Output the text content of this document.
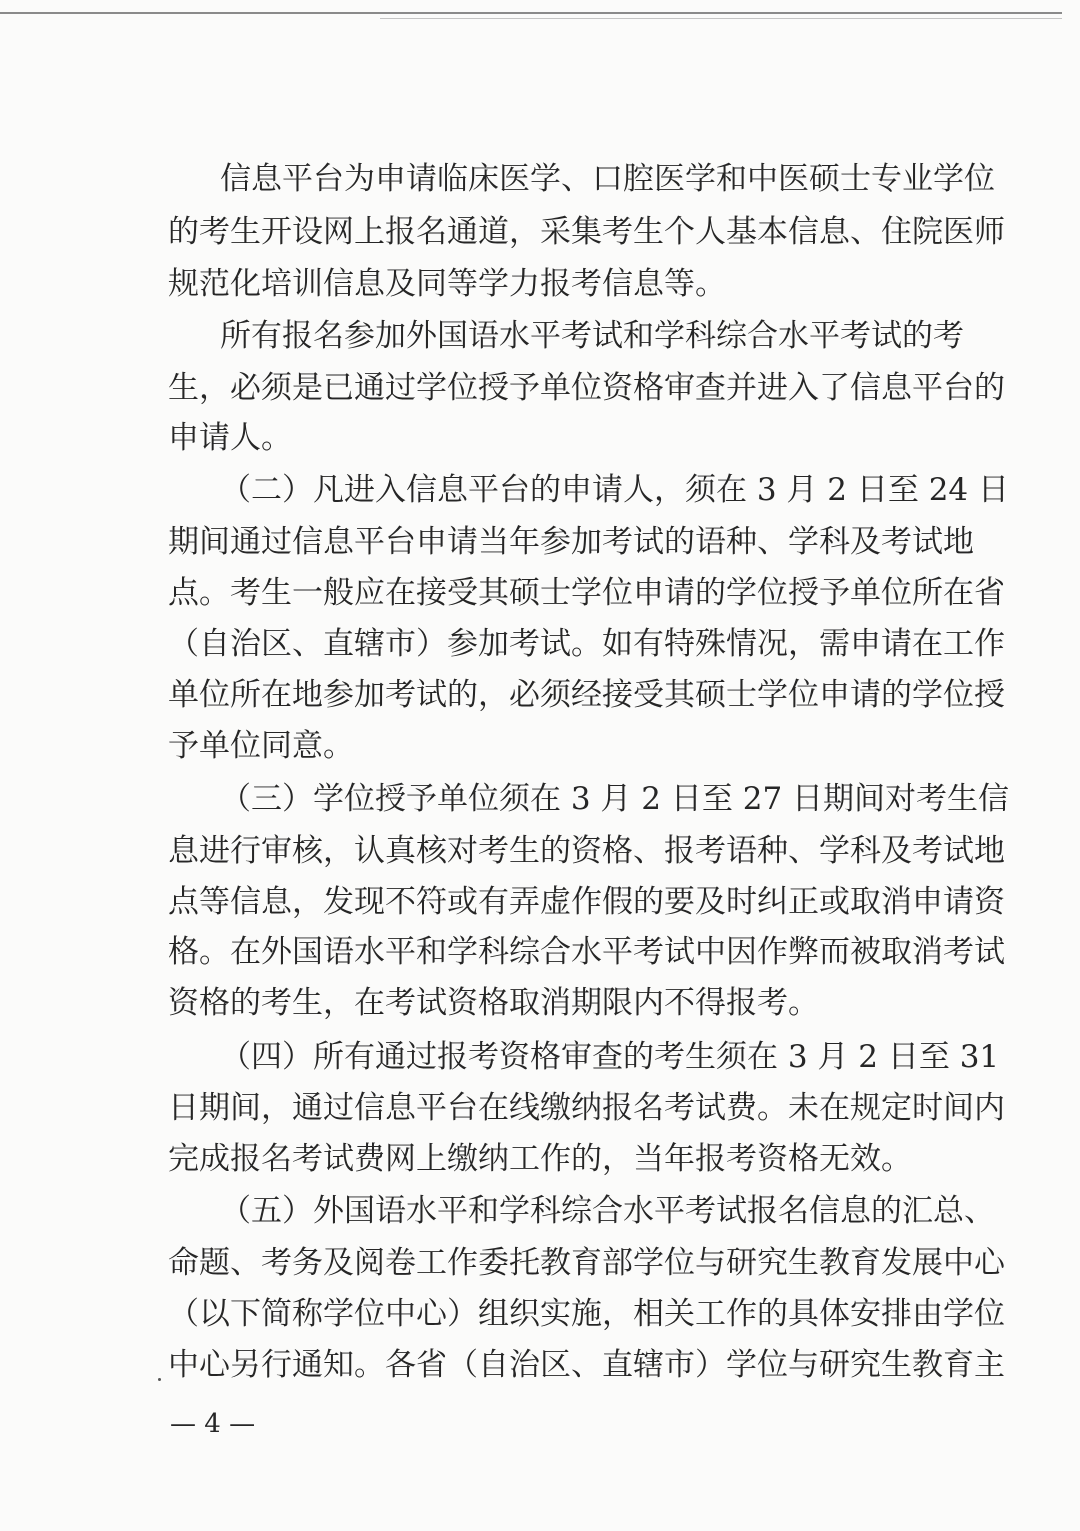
信息平台为申请临床医学、口腔医学和中医硕士专业学位

的考生开设网上报名通道，采集考生个人基本信息、住院医师

规范化培训信息及同等学力报考信息等。

所有报名参加外国语水平考试和学科综合水平考试的考

生，必须是已通过学位授予单位资格审查并进入了信息平台的

申请人。

（二）凡进入信息平台的申请人，须在 3 月 2 日至 24 日

期间通过信息平台申请当年参加考试的语种、学科及考试地

点。考生一般应在接受其硕士学位申请的学位授予单位所在省

（自治区、直辖市）参加考试。如有特殊情况，需申请在工作

单位所在地参加考试的，必须经接受其硕士学位申请的学位授

予单位同意。

（三）学位授予单位须在 3 月 2 日至 27 日期间对考生信

息进行审核，认真核对考生的资格、报考语种、学科及考试地

点等信息，发现不符或有弄虚作假的要及时纠正或取消申请资

格。在外国语水平和学科综合水平考试中因作弊而被取消考试

资格的考生，在考试资格取消期限内不得报考。

（四）所有通过报考资格审查的考生须在 3 月 2 日至 31

日期间，通过信息平台在线缴纳报名考试费。未在规定时间内

完成报名考试费网上缴纳工作的，当年报考资格无效。

（五）外国语水平和学科综合水平考试报名信息的汇总、

命题、考务及阅卷工作委托教育部学位与研究生教育发展中心

（以下简称学位中心）组织实施，相关工作的具体安排由学位

中心另行通知。各省（自治区、直辖市）学位与研究生教育主

— 4 —
